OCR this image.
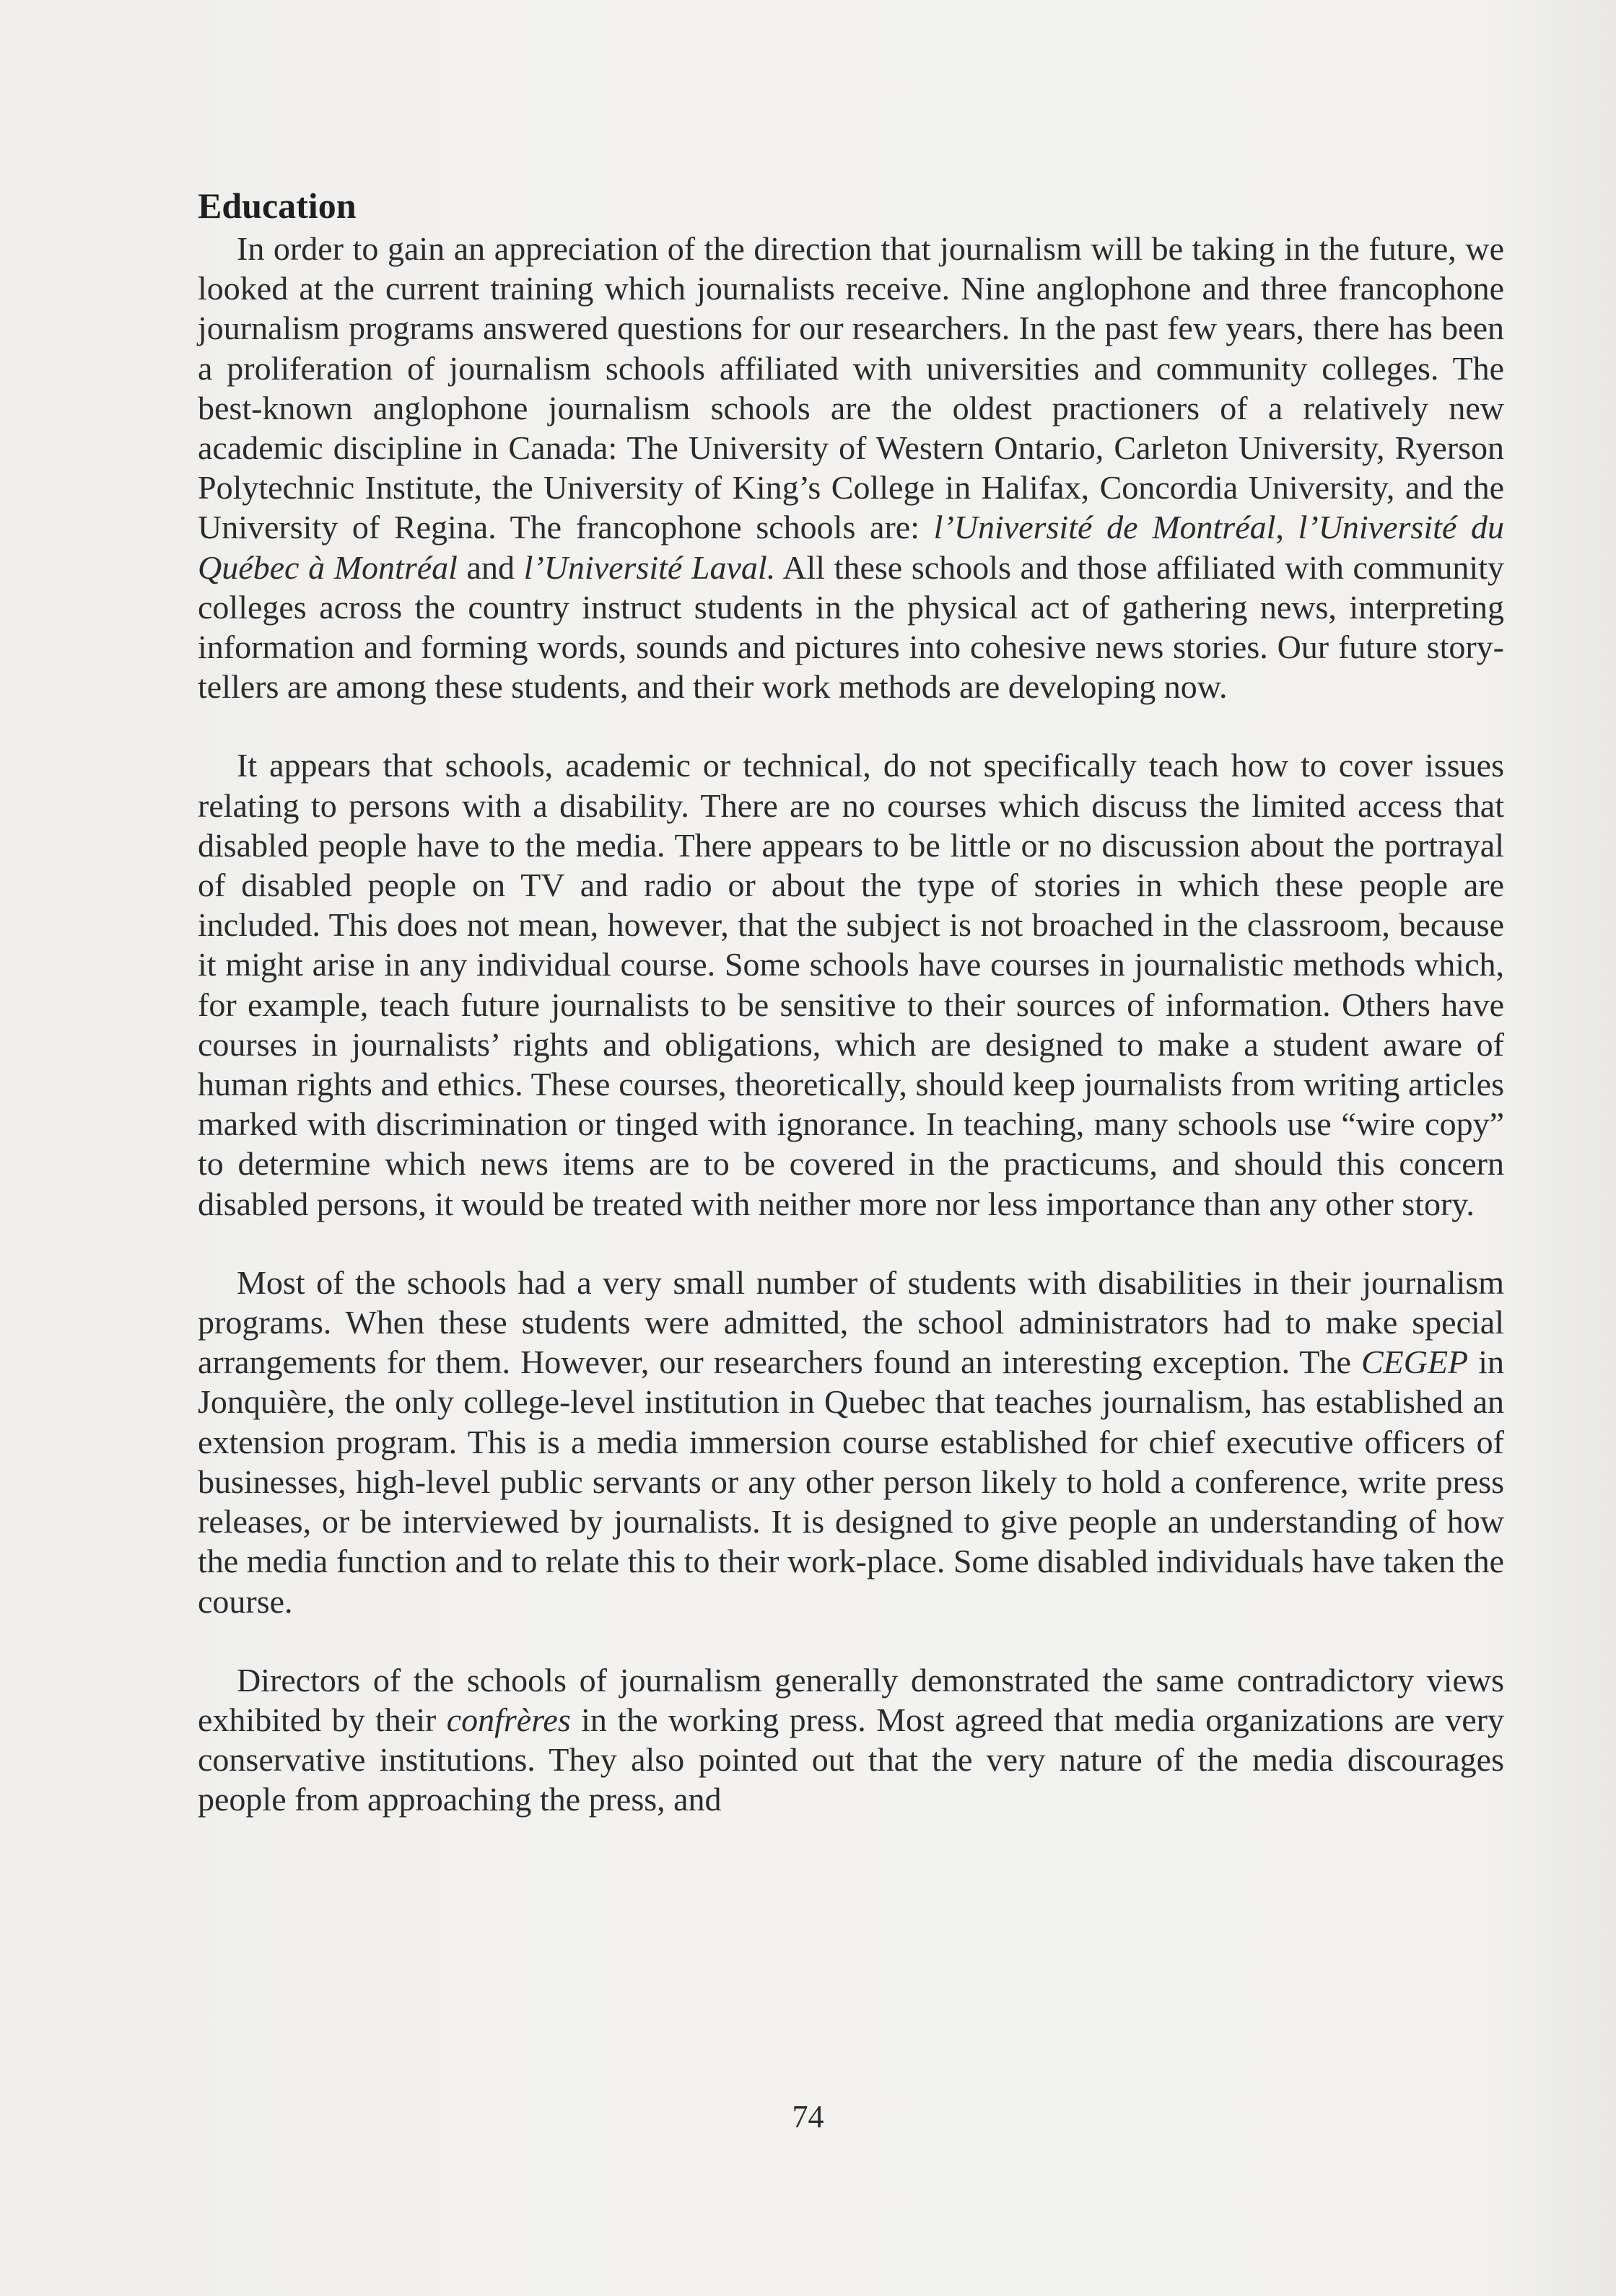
Education

In order to gain an appreciation of the direction that journalism will be taking in the future, we looked at the current training which journalists receive. Nine anglophone and three francophone journalism programs answered questions for our researchers. In the past few years, there has been a proliferation of journalism schools affiliated with universities and community colleges. The best-known anglophone journalism schools are the oldest practioners of a relatively new academic discipline in Canada: The University of Western Ontario, Carleton University, Ryerson Polytechnic Institute, the University of King’s College in Halifax, Concordia University, and the University of Regina. The francophone schools are: l’Université de Montréal, l’Université du Québec à Montréal and l’Université Laval. All these schools and those affiliated with community colleges across the country instruct students in the physical act of gathering news, interpreting information and forming words, sounds and pictures into cohesive news stories. Our future story-tellers are among these students, and their work methods are developing now.

It appears that schools, academic or technical, do not specifically teach how to cover issues relating to persons with a disability. There are no courses which discuss the limited access that disabled people have to the media. There appears to be little or no discussion about the portrayal of disabled people on TV and radio or about the type of stories in which these people are included. This does not mean, however, that the subject is not broached in the classroom, because it might arise in any individual course. Some schools have courses in journalistic methods which, for example, teach future journalists to be sensitive to their sources of information. Others have courses in journalists’ rights and obligations, which are designed to make a student aware of human rights and ethics. These courses, theoretically, should keep journalists from writing articles marked with discrimination or tinged with ignorance. In teaching, many schools use “wire copy” to determine which news items are to be covered in the practicums, and should this concern disabled persons, it would be treated with neither more nor less importance than any other story.

Most of the schools had a very small number of students with disabilities in their journalism programs. When these students were admitted, the school administrators had to make special arrangements for them. However, our researchers found an interesting exception. The CEGEP in Jonquière, the only college-level institution in Quebec that teaches journalism, has established an extension program. This is a media immersion course established for chief executive officers of businesses, high-level public servants or any other person likely to hold a conference, write press releases, or be interviewed by journalists. It is designed to give people an understanding of how the media function and to relate this to their work-place. Some disabled individuals have taken the course.

Directors of the schools of journalism generally demonstrated the same contradictory views exhibited by their confrères in the working press. Most agreed that media organizations are very conservative institutions. They also pointed out that the very nature of the media discourages people from approaching the press, and

74
